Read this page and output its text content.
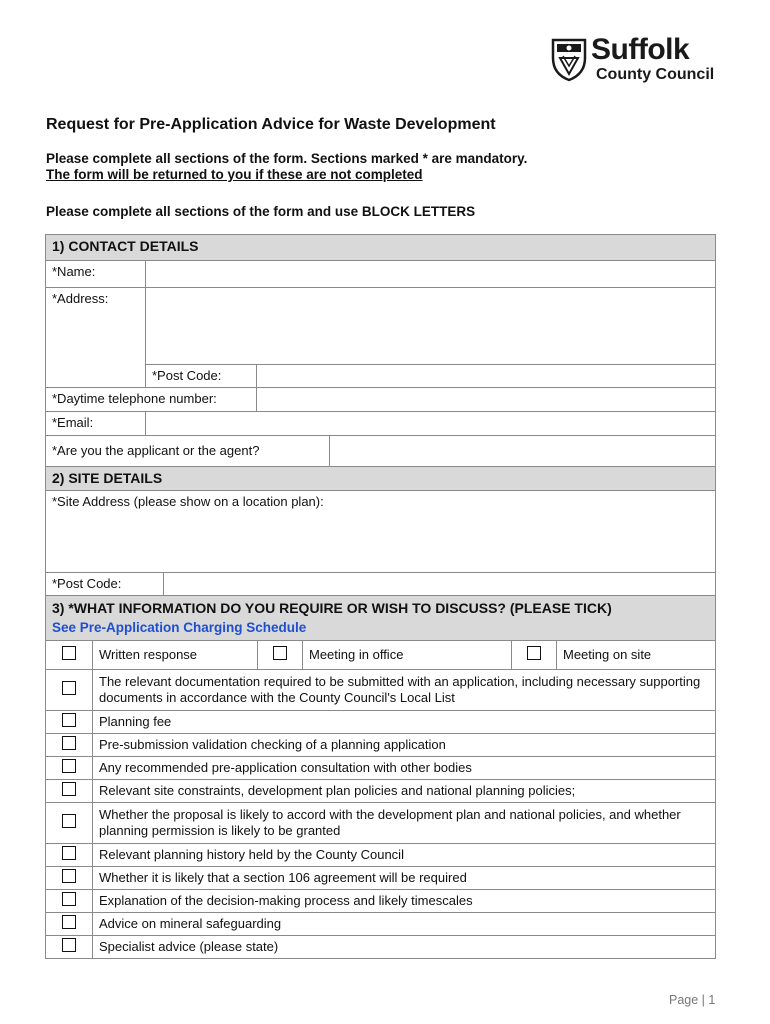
Suffolk
County Council
Request for Pre-Application Advice for Waste Development
Please complete all sections of the form. Sections marked * are mandatory.
The form will be returned to you if these are not completed
Please complete all sections of the form and use BLOCK LETTERS
1) CONTACT DETAILS			
*Name:			
*Address:			
	*Post Code:		
*Daytime telephone number:			
*Email:			
*Are you the applicant or the agent?			
2) SITE DETAILS
*Site Address (please show on a location plan):
*Post Code:	
3) *WHAT INFORMATION DO YOU REQUIRE OR WISH TO DISCUSS? (PLEASE TICK)
See Pre-Application Charging Schedule					

	Written response		Meeting in office		Meeting on site
	The relevant documentation required to be submitted with an application, including necessary supporting documents in accordance with the County Council's Local List				
	Planning fee				
	Pre-submission validation checking of a planning application				
	Any recommended pre-application consultation with other bodies				
	Relevant site constraints, development plan policies and national planning policies;				
	Whether the proposal is likely to accord with the development plan and national policies, and whether planning permission is likely to be granted				
	Relevant planning history held by the County Council				
	Whether it is likely that a section 106 agreement will be required				
	Explanation of the decision-making process and likely timescales				
	Advice on mineral safeguarding				
	Specialist advice (please state)				
Page | 1
